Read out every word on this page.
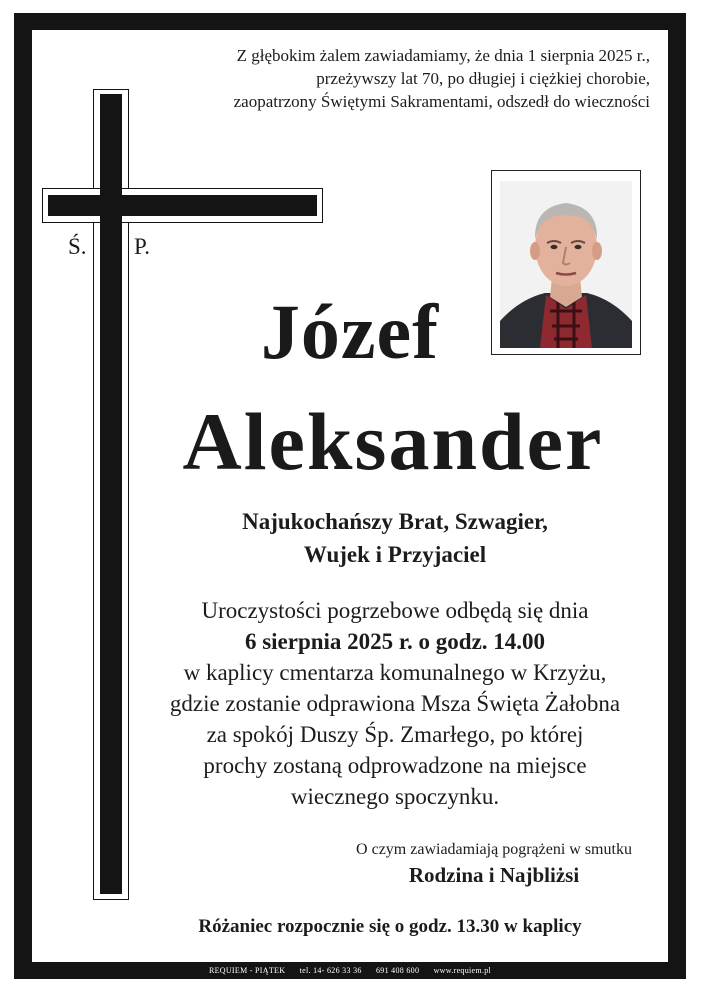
Ś. P.
Z głębokim żalem zawiadamiamy, że dnia 1 sierpnia 2025 r.,
przeżywszy lat 70, po długiej i ciężkiej chorobie,
zaopatrzony Świętymi Sakramentami, odszedł do wieczności
Józef
Aleksander
Najukochańszy Brat, Szwagier,
Wujek i Przyjaciel
Uroczystości pogrzebowe odbędą się dnia
6 sierpnia 2025 r. o godz. 14.00
w kaplicy cmentarza komunalnego w Krzyżu,
gdzie zostanie odprawiona Msza Święta Żałobna
za spokój Duszy Śp. Zmarłego, po której
prochy zostaną odprowadzone na miejsce
wiecznego spoczynku.
O czym zawiadamiają pogrążeni w smutku
Rodzina i Najbliżsi
Różaniec rozpocznie się o godz. 13.30 w kaplicy
REQUIEM - PIĄTEK tel. 14- 626 33 36 691 408 600 www.requiem.pl
